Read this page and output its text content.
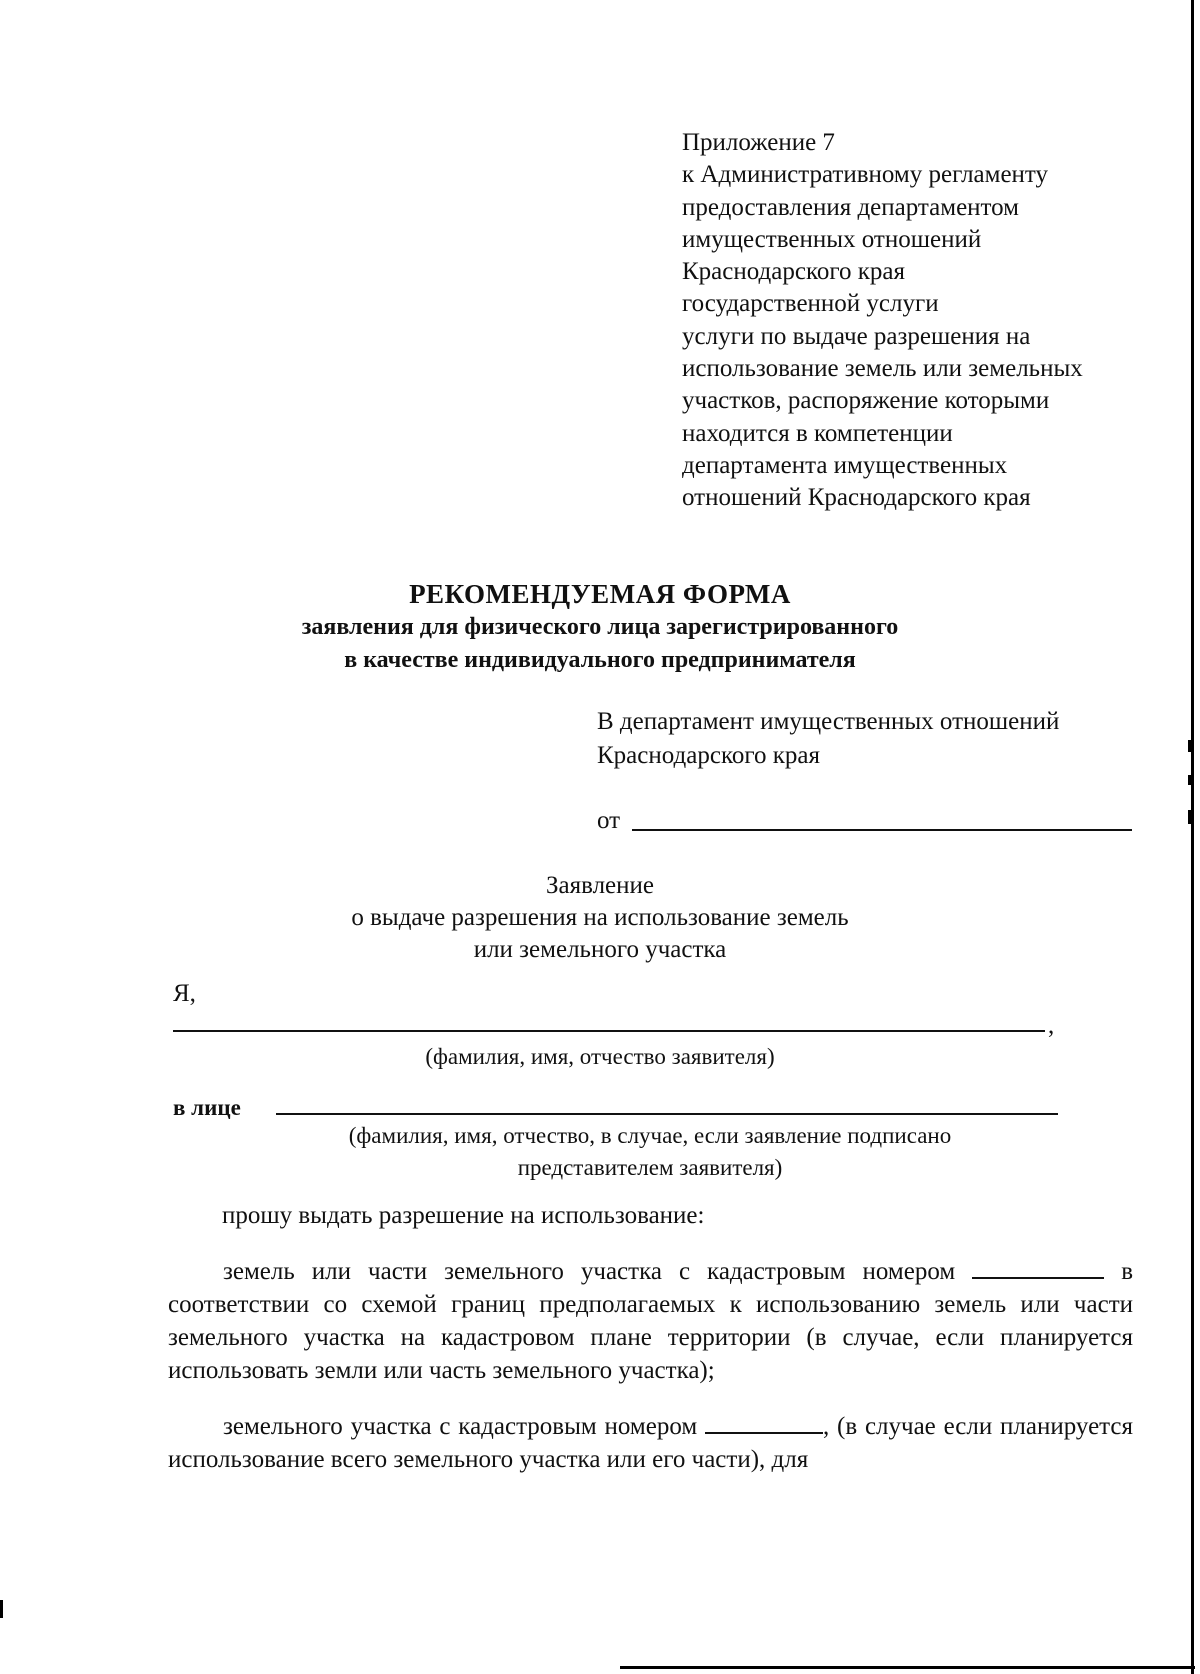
Приложение 7
к Административному регламенту
предоставления департаментом
имущественных отношений
Краснодарского края
государственной услуги
услуги по выдаче разрешения на
использование земель или земельных
участков, распоряжение которыми
находится в компетенции
департамента имущественных
отношений Краснодарского края
РЕКОМЕНДУЕМАЯ ФОРМА
заявления для физического лица зарегистрированного
в качестве индивидуального предпринимателя
В департамент имущественных отношений
Краснодарского края
от
Заявление
о выдаче разрешения на использование земель
или земельного участка
Я,
,
(фамилия, имя, отчество заявителя)
в лице
(фамилия, имя, отчество, в случае, если заявление подписано
представителем заявителя)
прошу выдать разрешение на использование:
земель или части земельного участка с кадастровым номером	в соответствии со схемой границ предполагаемых к использованию земель или части земельного участка на кадастровом плане территории (в случае, если планируется использовать земли или часть земельного участка);
земельного участка с кадастровым номером	, (в случае если планируется использование всего земельного участка или его части), для
